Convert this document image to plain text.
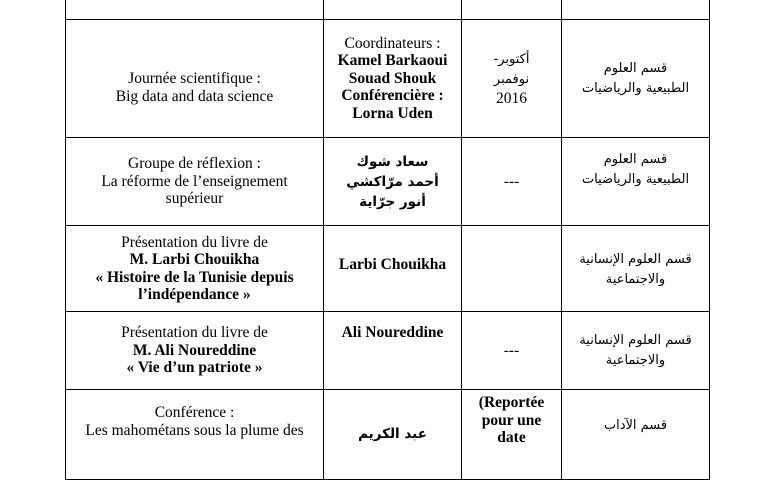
Journée scientifique :
Big data and data science	Coordinateurs :
Kamel Barkaoui
Souad Shouk
Conférencière :
Lorna Uden	أكتوبر-
نوفمبر
2016	قسم العلوم
الطبيعية والرياضيات

Groupe de réflexion :
La réforme de l’enseignement
supérieur	سعاد شوك
أحمد مرّاكشي
أنور جرّاية	---	قسم العلوم
الطبيعية والرياضيات

Présentation du livre de
M. Larbi Chouikha
« Histoire de la Tunisie depuis
l’indépendance »	Larbi Chouikha		قسم العلوم الإنسانية
والاجتماعية

Présentation du livre de
M. Ali Noureddine
« Vie d’un patriote »	Ali Noureddine	---	قسم العلوم الإنسانية
والاجتماعية

Conférence :
Les mahométans sous la plume des	عبد الكريم	(Reportée
pour une
date	قسم الآداب
